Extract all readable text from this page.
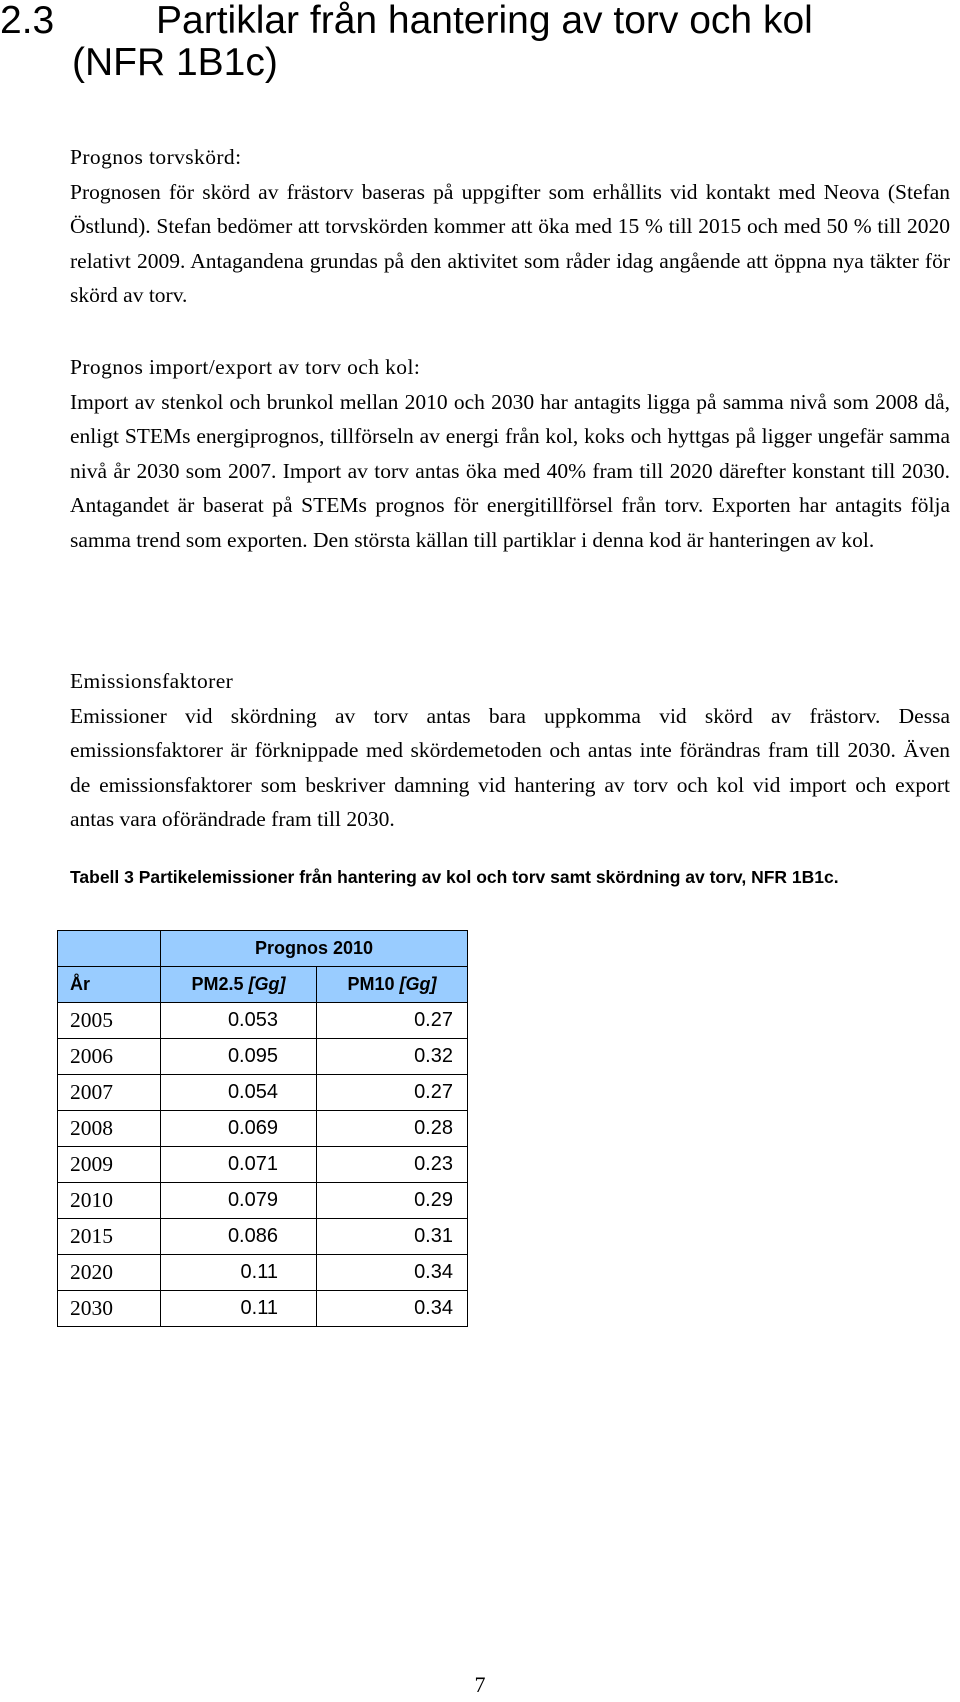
2.3	Partiklar från hantering av torv och kol
(NFR 1B1c)
Prognos torvskörd:
Prognosen för skörd av frästorv baseras på uppgifter som erhållits vid kontakt med Neova (Stefan Östlund). Stefan bedömer att torvskörden kommer att öka med 15 % till 2015 och med 50 % till 2020 relativt 2009. Antagandena grundas på den aktivitet som råder idag angående att öppna nya täkter för skörd av torv.
Prognos import/export av torv och kol:
Import av stenkol och brunkol mellan 2010 och 2030 har antagits ligga på samma nivå som 2008 då, enligt STEMs energiprognos, tillförseln av energi från kol, koks och hyttgas på ligger ungefär samma nivå år 2030 som 2007. Import av torv antas öka med 40% fram till 2020 därefter konstant till 2030. Antagandet är baserat på STEMs prognos för energitillförsel från torv. Exporten har antagits följa samma trend som exporten. Den största källan till partiklar i denna kod är hanteringen av kol.
Emissionsfaktorer
Emissioner vid skördning av torv antas bara uppkomma vid skörd av frästorv. Dessa emissionsfaktorer är förknippade med skördemetoden och antas inte förändras fram till 2030. Även de emissionsfaktorer som beskriver damning vid hantering av torv och kol vid import och export antas vara oförändrade fram till 2030.
Tabell 3 Partikelemissioner från hantering av kol och torv samt skördning av torv, NFR 1B1c.
	Prognos 2010	
År	PM2.5 [Gg]	PM10 [Gg]
2005	0.053	0.27
2006	0.095	0.32
2007	0.054	0.27
2008	0.069	0.28
2009	0.071	0.23
2010	0.079	0.29
2015	0.086	0.31
2020	0.11	0.34
2030	0.11	0.34
7
